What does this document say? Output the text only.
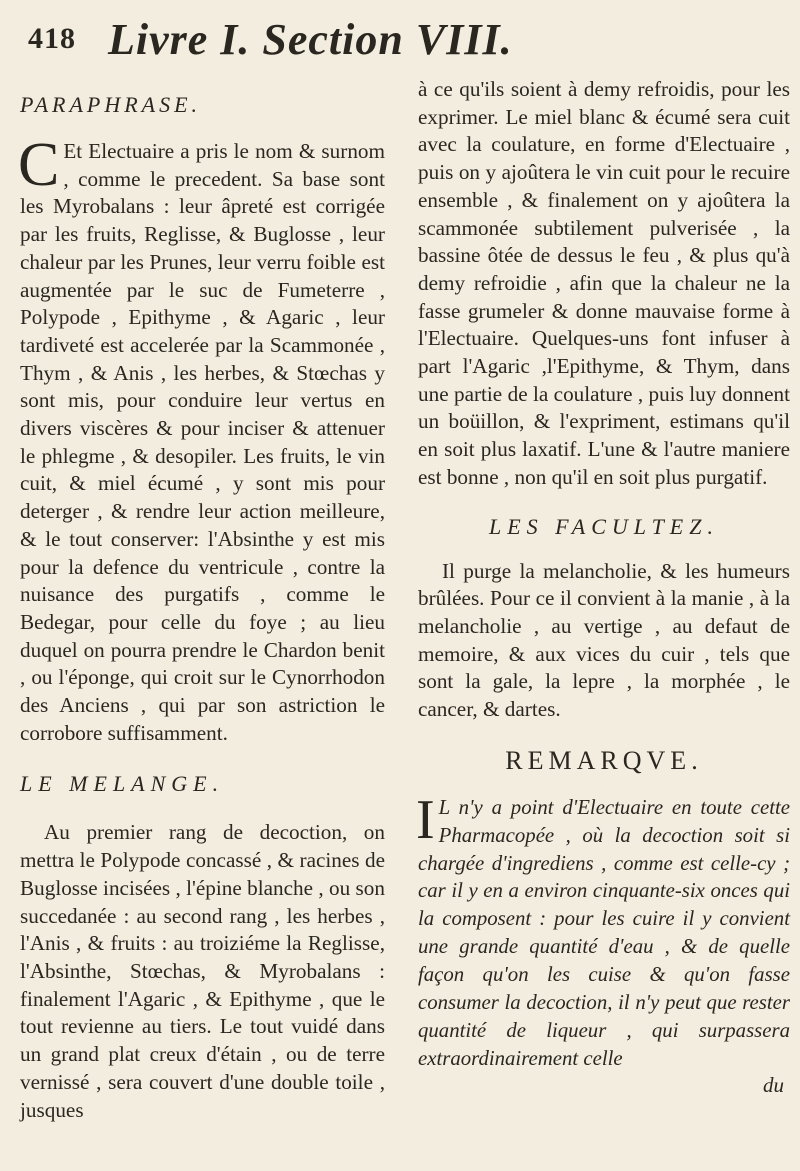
418 Livre I. Section VIII.

PARAPHRASE.

C Et Electuaire a pris le nom & surnom , comme le precedent. Sa base sont les Myrobalans : leur âpreté est corrigée par les fruits, Reglisse, & Buglosse , leur chaleur par les Prunes, leur verru foible est augmentée par le suc de Fumeterre , Polypode , Epithyme , & Agaric , leur tardiveté est accelerée par la Scammonée , Thym , & Anis , les herbes, & Stœchas y sont mis, pour conduire leur vertus en divers viscères & pour inciser & attenuer le phlegme , & desopiler. Les fruits, le vin cuit, & miel écumé , y sont mis pour deterger , & rendre leur action meilleure, & le tout conserver: l'Absinthe y est mis pour la defence du ventricule , contre la nuisance des purgatifs , comme le Bedegar, pour celle du foye ; au lieu duquel on pourra prendre le Chardon benit , ou l'éponge, qui croit sur le Cynorrhodon des Anciens , qui par son astriction le corrobore suffisamment.

LE MELANGE.

Au premier rang de decoction, on mettra le Polypode concassé , & racines de Buglosse incisées , l'épine blanche , ou son succedanée : au second rang , les herbes , l'Anis , & fruits : au troiziéme la Reglisse, l'Absinthe, Stœchas, & Myrobalans : finalement l'Agaric , & Epithyme , que le tout revienne au tiers. Le tout vuidé dans un grand plat creux d'étain , ou de terre vernissé , sera couvert d'une double toile , jusques

à ce qu'ils soient à demy refroidis, pour les exprimer. Le miel blanc & écumé sera cuit avec la coulature, en forme d'Electuaire , puis on y ajoûtera le vin cuit pour le recuire ensemble , & finalement on y ajoûtera la scammonée subtilement pulverisée , la bassine ôtée de dessus le feu , & plus qu'à demy refroidie , afin que la chaleur ne la fasse grumeler & donne mauvaise forme à l'Electuaire. Quelques-uns font infuser à part l'Agaric ,l'Epithyme, & Thym, dans une partie de la coulature , puis luy donnent un boüillon, & l'expriment, estimans qu'il en soit plus laxatif. L'une & l'autre maniere est bonne , non qu'il en soit plus purgatif.

LES FACULTEZ.

Il purge la melancholie, & les humeurs brûlées. Pour ce il convient à la manie , à la melancholie , au vertige , au defaut de memoire, & aux vices du cuir , tels que sont la gale, la lepre , la morphée , le cancer, & dartes.

REMARQVE.

I L n'y a point d'Electuaire en toute cette Pharmacopée , où la decoction soit si chargée d'ingrediens , comme est celle-cy ; car il y en a environ cinquante-six onces qui la composent : pour les cuire il y convient une grande quantité d'eau , & de quelle façon qu'on les cuise & qu'on fasse consumer la decoction, il n'y peut que rester quantité de liqueur , qui surpassera extraordinairement celle

du
